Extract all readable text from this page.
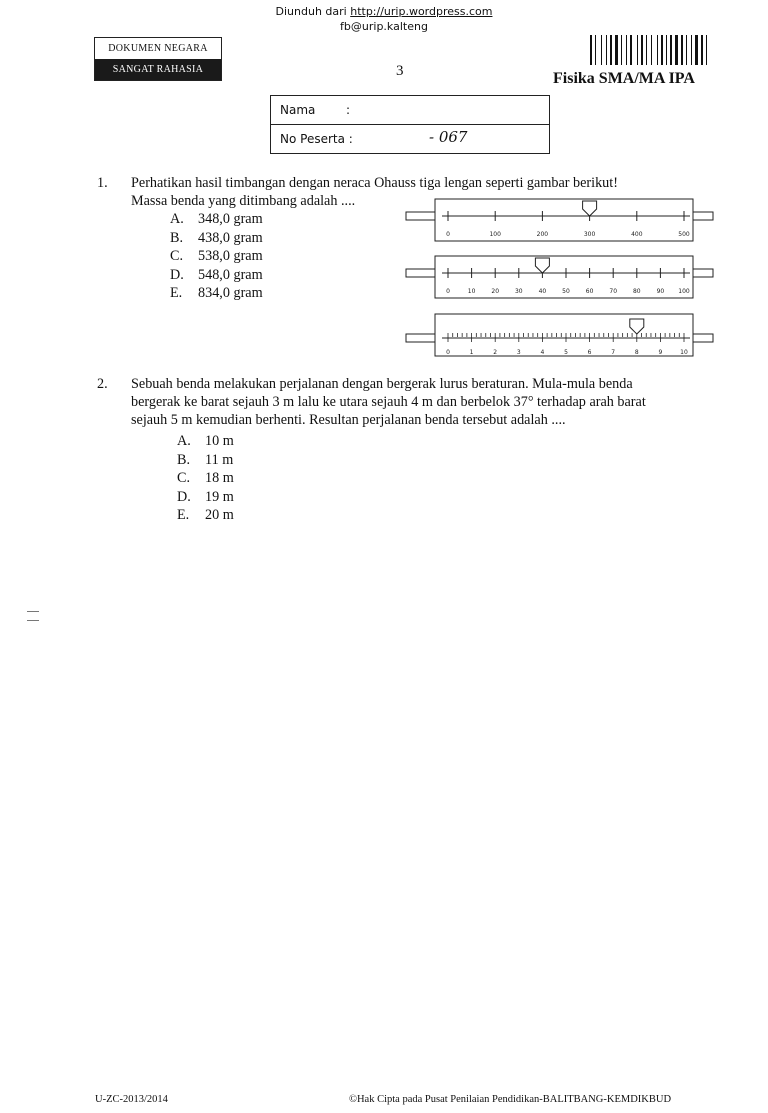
Diunduh dari http://urip.wordpress.com
fb@urip.kalteng
DOKUMEN NEGARA
SANGAT RAHASIA	3	Fisika SMA/MA IPA
Nama	:
No Peserta :	- 067
1. Perhatikan hasil timbangan dengan neraca Ohauss tiga lengan seperti gambar berikut!
Massa benda yang ditimbang adalah ....
A. 348,0 gram
B. 438,0 gram
C. 538,0 gram
D. 548,0 gram
E. 834,0 gram
0	100	200	300	400	500
0	10	20	30	40	50	60	70	80	90 100
0	1	2	3	4	5	6	7	8	9	10
2. Sebuah benda melakukan perjalanan dengan bergerak lurus beraturan. Mula-mula benda
bergerak ke barat sejauh 3 m lalu ke utara sejauh 4 m dan berbelok 37° terhadap arah barat
sejauh 5 m kemudian berhenti. Resultan perjalanan benda tersebut adalah ....
A. 10 m
B. 11 m
C. 18 m
D. 19 m
E. 20 m
U-ZC-2013/2014	©Hak Cipta pada Pusat Penilaian Pendidikan-BALITBANG-KEMDIKBUD
